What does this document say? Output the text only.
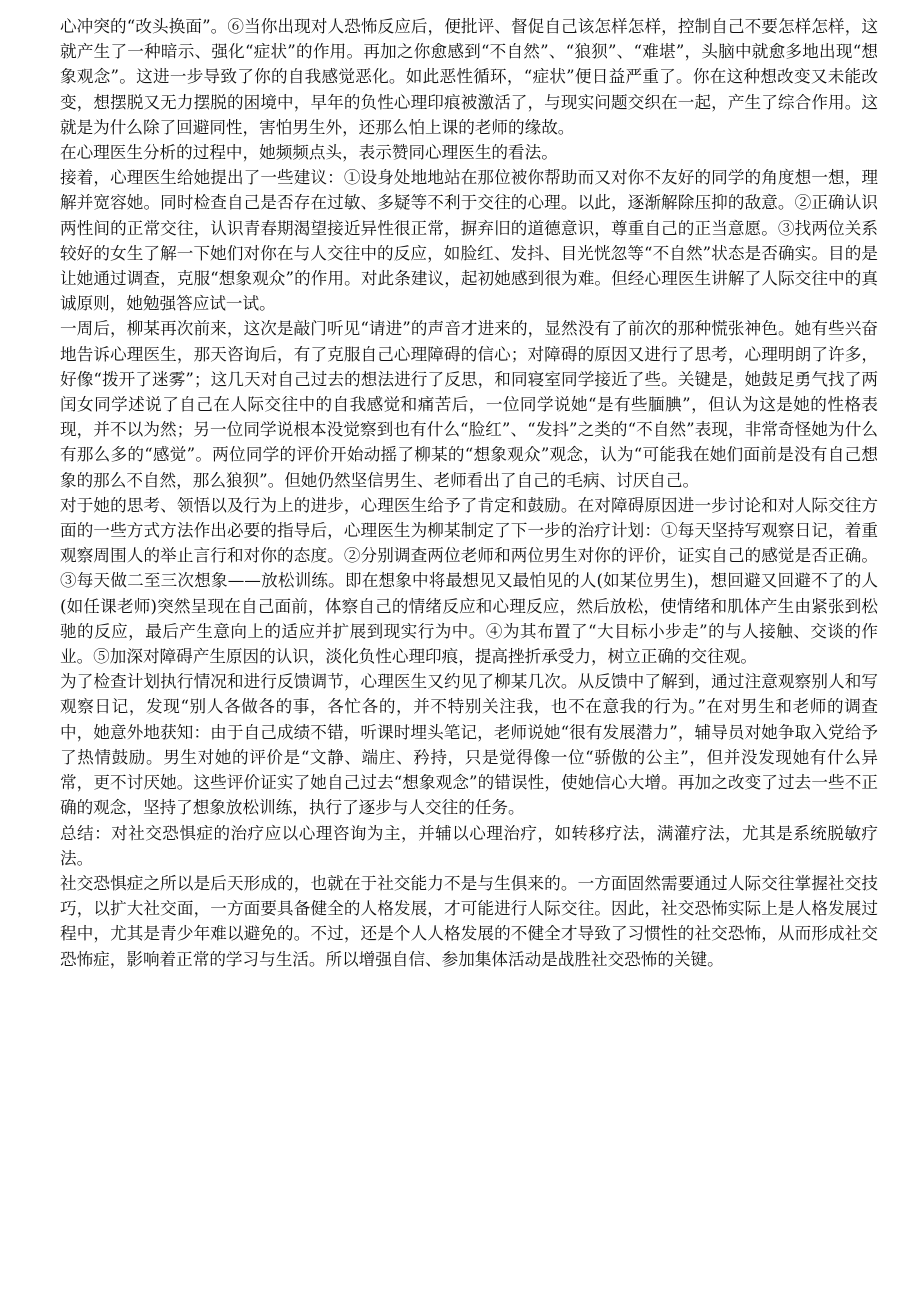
心冲突的“改头换面”。⑥当你出现对人恐怖反应后，便批评、督促自己该怎样怎样，控制自己不要怎样怎样，这就产生了一种暗示、强化“症状”的作用。再加之你愈感到“不自然”、“狼狈”、“难堪”，头脑中就愈多地出现“想象观念”。这进一步导致了你的自我感觉恶化。如此恶性循环，“症状”便日益严重了。你在这种想改变又未能改变，想摆脱又无力摆脱的困境中，早年的负性心理印痕被激活了，与现实问题交织在一起，产生了综合作用。这就是为什么除了回避同性，害怕男生外，还那么怕上课的老师的缘故。

在心理医生分析的过程中，她频频点头，表示赞同心理医生的看法。

接着，心理医生给她提出了一些建议：①设身处地地站在那位被你帮助而又对你不友好的同学的角度想一想，理解并宽容她。同时检查自己是否存在过敏、多疑等不利于交往的心理。以此，逐渐解除压抑的敌意。②正确认识两性间的正常交往，认识青春期渴望接近异性很正常，摒弃旧的道德意识，尊重自己的正当意愿。③找两位关系较好的女生了解一下她们对你在与人交往中的反应，如脸红、发抖、目光恍忽等“不自然”状态是否确实。目的是让她通过调查，克服“想象观众”的作用。对此条建议，起初她感到很为难。但经心理医生讲解了人际交往中的真诚原则，她勉强答应试一试。

一周后，柳某再次前来，这次是敲门听见“请进”的声音才进来的，显然没有了前次的那种慌张神色。她有些兴奋地告诉心理医生，那天咨询后，有了克服自己心理障碍的信心；对障碍的原因又进行了思考，心理明朗了许多，好像“拨开了迷雾”；这几天对自己过去的想法进行了反思，和同寝室同学接近了些。关键是，她鼓足勇气找了两闰女同学述说了自己在人际交往中的自我感觉和痛苦后，一位同学说她“是有些腼腆”，但认为这是她的性格表现，并不以为然；另一位同学说根本没觉察到也有什么“脸红”、“发抖”之类的“不自然”表现，非常奇怪她为什么有那么多的“感觉”。两位同学的评价开始动摇了柳某的“想象观众”观念，认为“可能我在她们面前是没有自己想象的那么不自然，那么狼狈”。但她仍然坚信男生、老师看出了自己的毛病、讨厌自己。

对于她的思考、领悟以及行为上的进步，心理医生给予了肯定和鼓励。在对障碍原因进一步讨论和对人际交往方面的一些方式方法作出必要的指导后，心理医生为柳某制定了下一步的治疗计划：①每天坚持写观察日记，着重观察周围人的举止言行和对你的态度。②分别调查两位老师和两位男生对你的评价，证实自己的感觉是否正确。③每天做二至三次想象——放松训练。即在想象中将最想见又最怕见的人(如某位男生)，想回避又回避不了的人(如任课老师)突然呈现在自己面前，体察自己的情绪反应和心理反应，然后放松，使情绪和肌体产生由紧张到松驰的反应，最后产生意向上的适应并扩展到现实行为中。④为其布置了“大目标小步走”的与人接触、交谈的作业。⑤加深对障碍产生原因的认识，淡化负性心理印痕，提高挫折承受力，树立正确的交往观。

为了检查计划执行情况和进行反馈调节，心理医生又约见了柳某几次。从反馈中了解到，通过注意观察别人和写观察日记，发现“别人各做各的事，各忙各的，并不特别关注我，也不在意我的行为。”在对男生和老师的调查中，她意外地获知：由于自己成绩不错，听课时埋头笔记，老师说她“很有发展潜力”，辅导员对她争取入党给予了热情鼓励。男生对她的评价是“文静、端庄、矜持，只是觉得像一位“骄傲的公主”，但并没发现她有什么异常，更不讨厌她。这些评价证实了她自己过去“想象观念”的错误性，使她信心大增。再加之改变了过去一些不正确的观念，坚持了想象放松训练，执行了逐步与人交往的任务。

总结：对社交恐惧症的治疗应以心理咨询为主，并辅以心理治疗，如转移疗法，满灌疗法，尤其是系统脱敏疗法。

社交恐惧症之所以是后天形成的，也就在于社交能力不是与生俱来的。一方面固然需要通过人际交往掌握社交技巧，以扩大社交面，一方面要具备健全的人格发展，才可能进行人际交往。因此，社交恐怖实际上是人格发展过程中，尤其是青少年难以避免的。不过，还是个人人格发展的不健全才导致了习惯性的社交恐怖，从而形成社交恐怖症，影响着正常的学习与生活。所以增强自信、参加集体活动是战胜社交恐怖的关键。
